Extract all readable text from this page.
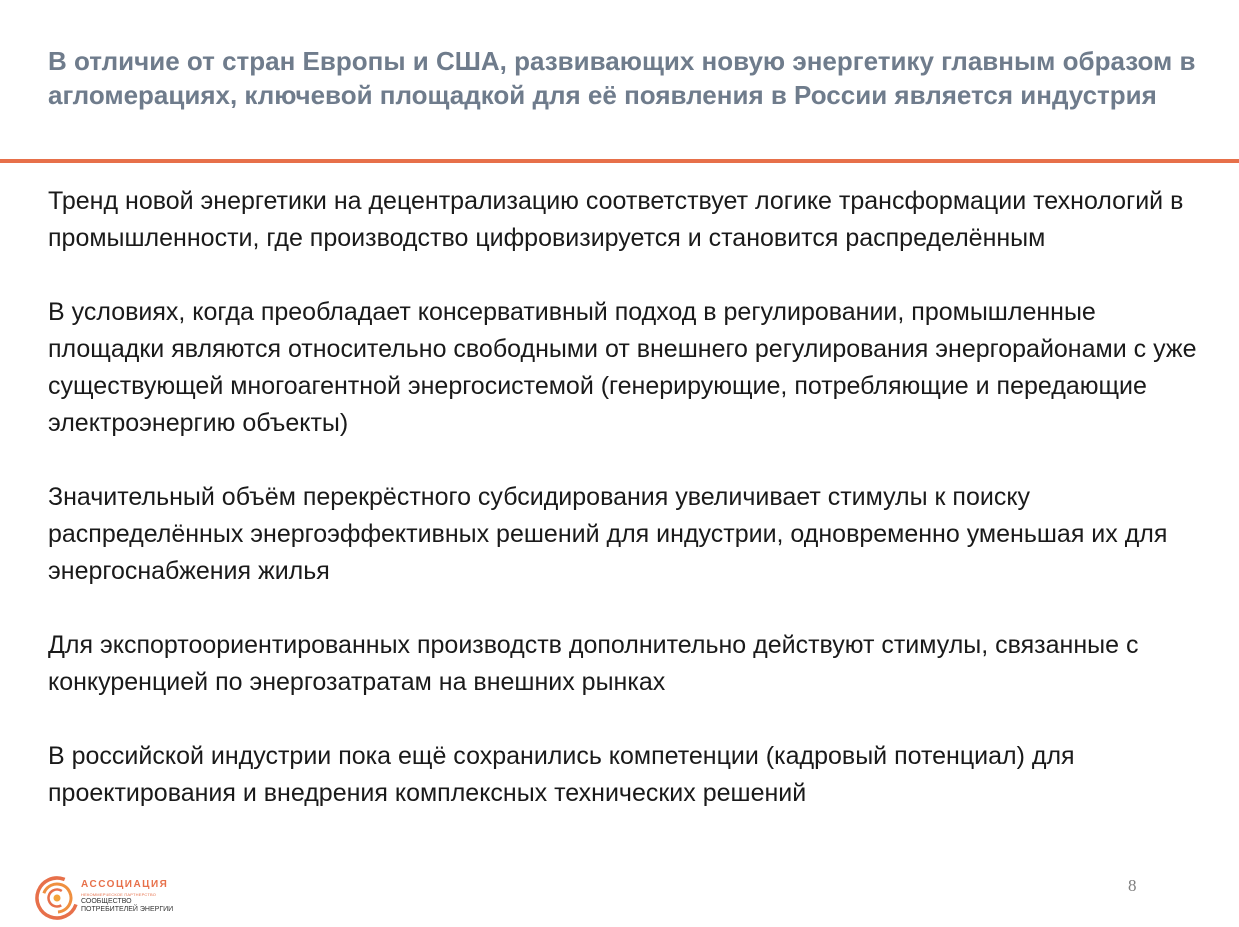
В отличие от стран Европы и США, развивающих новую энергетику главным образом в агломерациях, ключевой площадкой для её появления в России является индустрия

Тренд новой энергетики на децентрализацию соответствует логике трансформации технологий в промышленности, где производство цифровизируется и становится распределённым

В условиях, когда преобладает консервативный подход в регулировании, промышленные площадки являются относительно свободными от внешнего регулирования энергорайонами с уже существующей многоагентной энергосистемой (генерирующие, потребляющие и передающие электроэнергию объекты)

Значительный объём перекрёстного субсидирования увеличивает стимулы к поиску распределённых энергоэффективных решений для индустрии, одновременно уменьшая их для энергоснабжения жилья

Для экспортоориентированных производств дополнительно действуют стимулы, связанные с конкуренцией по энергозатратам на внешних рынках

В российской индустрии пока ещё сохранились компетенции (кадровый потенциал) для проектирования и внедрения комплексных технических решений

АССОЦИАЦИЯ
НЕКОММЕРЧЕСКОЕ ПАРТНЕРСТВО
СООБЩЕСТВО
ПОТРЕБИТЕЛЕЙ ЭНЕРГИИ
8
